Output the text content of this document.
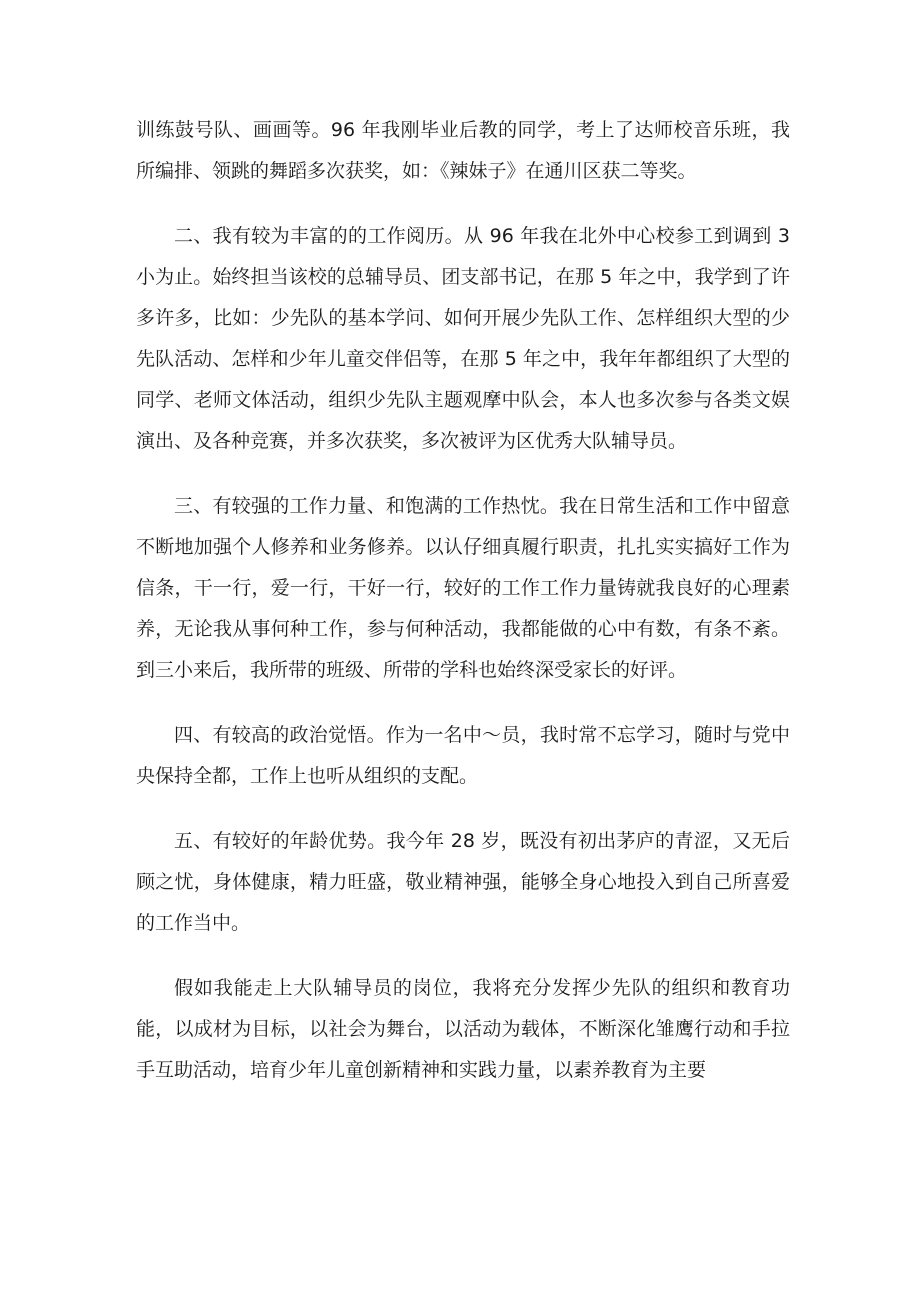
训练鼓号队、画画等。96 年我刚毕业后教的同学，考上了达师校音乐班，我所编排、领跳的舞蹈多次获奖，如：《辣妹子》在通川区获二等奖。

二、我有较为丰富的的工作阅历。从 96 年我在北外中心校参工到调到 3 小为止。始终担当该校的总辅导员、团支部书记，在那 5 年之中，我学到了许多许多，比如：少先队的基本学问、如何开展少先队工作、怎样组织大型的少先队活动、怎样和少年儿童交伴侣等，在那 5 年之中，我年年都组织了大型的同学、老师文体活动，组织少先队主题观摩中队会，本人也多次参与各类文娱演出、及各种竞赛，并多次获奖，多次被评为区优秀大队辅导员。

三、有较强的工作力量、和饱满的工作热忱。我在日常生活和工作中留意不断地加强个人修养和业务修养。以认仔细真履行职责，扎扎实实搞好工作为信条，干一行，爱一行，干好一行，较好的工作工作力量铸就我良好的心理素养，无论我从事何种工作，参与何种活动，我都能做的心中有数，有条不紊。到三小来后，我所带的班级、所带的学科也始终深受家长的好评。

四、有较高的政治觉悟。作为一名中～员，我时常不忘学习，随时与党中央保持全都，工作上也听从组织的支配。

五、有较好的年龄优势。我今年 28 岁，既没有初出茅庐的青涩，又无后顾之忧，身体健康，精力旺盛，敬业精神强，能够全身心地投入到自己所喜爱的工作当中。

假如我能走上大队辅导员的岗位，我将充分发挥少先队的组织和教育功能，以成材为目标，以社会为舞台，以活动为载体，不断深化雏鹰行动和手拉手互助活动，培育少年儿童创新精神和实践力量，以素养教育为主要
